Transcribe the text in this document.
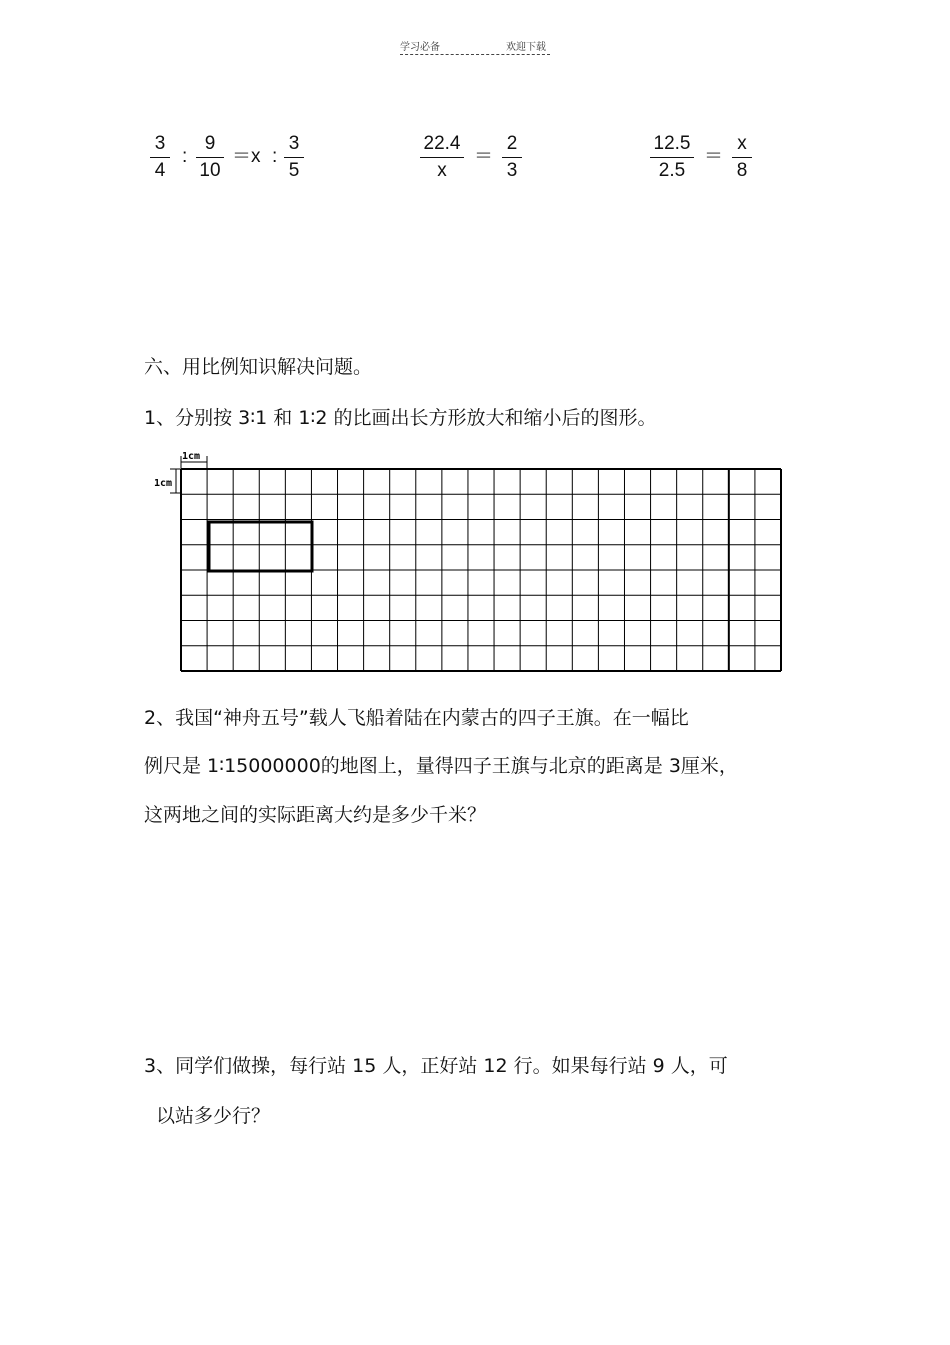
学习必备	欢迎下载
3
4
:
9
10
＝x :
3
5
22.4
x
＝
2
3
12.5
2.5
＝
x
8
六、用比例知识解决问题。
1、分别按 3∶1 和 1∶2 的比画出长方形放大和缩小后的图形。
1cm
1cm
2、我国“神舟五号”载人飞船着陆在内蒙古的四子王旗。在一幅比
例尺是 1∶15000000的地图上，量得四子王旗与北京的距离是 3厘米，
这两地之间的实际距离大约是多少千米？
3、同学们做操，每行站 15 人，正好站 12 行。如果每行站 9 人，可
以站多少行？
